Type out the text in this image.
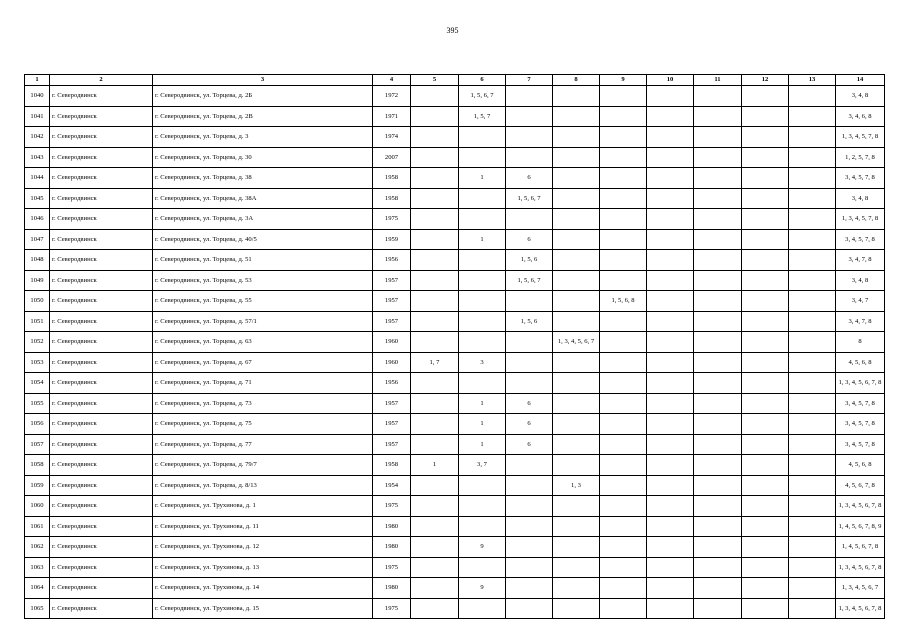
395
1	2	3	4	5	6	7	8	9	10	11	12	13	14
1040	г. Северодвинск	г. Северодвинск, ул. Торцева, д. 2Б	1972		1, 5, 6, 7								3, 4, 8
1041	г. Северодвинск	г. Северодвинск, ул. Торцева, д. 2В	1971		1, 5, 7								3, 4, 6, 8
1042	г. Северодвинск	г. Северодвинск, ул. Торцева, д. 3	1974										1, 3, 4, 5, 7, 8
1043	г. Северодвинск	г. Северодвинск, ул. Торцева, д. 30	2007										1, 2, 5, 7, 8
1044	г. Северодвинск	г. Северодвинск, ул. Торцева, д. 38	1958		1	6							3, 4, 5, 7, 8
1045	г. Северодвинск	г. Северодвинск, ул. Торцева, д. 38А	1958			1, 5, 6, 7							3, 4, 8
1046	г. Северодвинск	г. Северодвинск, ул. Торцева, д. 3А	1975										1, 3, 4, 5, 7, 8
1047	г. Северодвинск	г. Северодвинск, ул. Торцева, д. 40/5	1959		1	6							3, 4, 5, 7, 8
1048	г. Северодвинск	г. Северодвинск, ул. Торцева, д. 51	1956			1, 5, 6							3, 4, 7, 8
1049	г. Северодвинск	г. Северодвинск, ул. Торцева, д. 53	1957			1, 5, 6, 7							3, 4, 8
1050	г. Северодвинск	г. Северодвинск, ул. Торцева, д. 55	1957					1, 5, 6, 8					3, 4, 7
1051	г. Северодвинск	г. Северодвинск, ул. Торцева, д. 57/1	1957			1, 5, 6							3, 4, 7, 8
1052	г. Северодвинск	г. Северодвинск, ул. Торцева, д. 63	1960				1, 3, 4, 5, 6, 7						8
1053	г. Северодвинск	г. Северодвинск, ул. Торцева, д. 67	1960	1, 7	3								4, 5, 6, 8
1054	г. Северодвинск	г. Северодвинск, ул. Торцева, д. 71	1956										1, 3, 4, 5, 6, 7, 8
1055	г. Северодвинск	г. Северодвинск, ул. Торцева, д. 73	1957		1	6							3, 4, 5, 7, 8
1056	г. Северодвинск	г. Северодвинск, ул. Торцева, д. 75	1957		1	6							3, 4, 5, 7, 8
1057	г. Северодвинск	г. Северодвинск, ул. Торцева, д. 77	1957		1	6							3, 4, 5, 7, 8
1058	г. Северодвинск	г. Северодвинск, ул. Торцева, д. 79/7	1958	1	3, 7								4, 5, 6, 8
1059	г. Северодвинск	г. Северодвинск, ул. Торцева, д. 8/13	1954				1, 3						4, 5, 6, 7, 8
1060	г. Северодвинск	г. Северодвинск, ул. Трухинова, д. 1	1975										1, 3, 4, 5, 6, 7, 8
1061	г. Северодвинск	г. Северодвинск, ул. Трухинова, д. 11	1980										1, 4, 5, 6, 7, 8, 9
1062	г. Северодвинск	г. Северодвинск, ул. Трухинова, д. 12	1980		9								1, 4, 5, 6, 7, 8
1063	г. Северодвинск	г. Северодвинск, ул. Трухинова, д. 13	1975										1, 3, 4, 5, 6, 7, 8
1064	г. Северодвинск	г. Северодвинск, ул. Трухинова, д. 14	1980		9								1, 3, 4, 5, 6, 7
1065	г. Северодвинск	г. Северодвинск, ул. Трухинова, д. 15	1975										1, 3, 4, 5, 6, 7, 8
